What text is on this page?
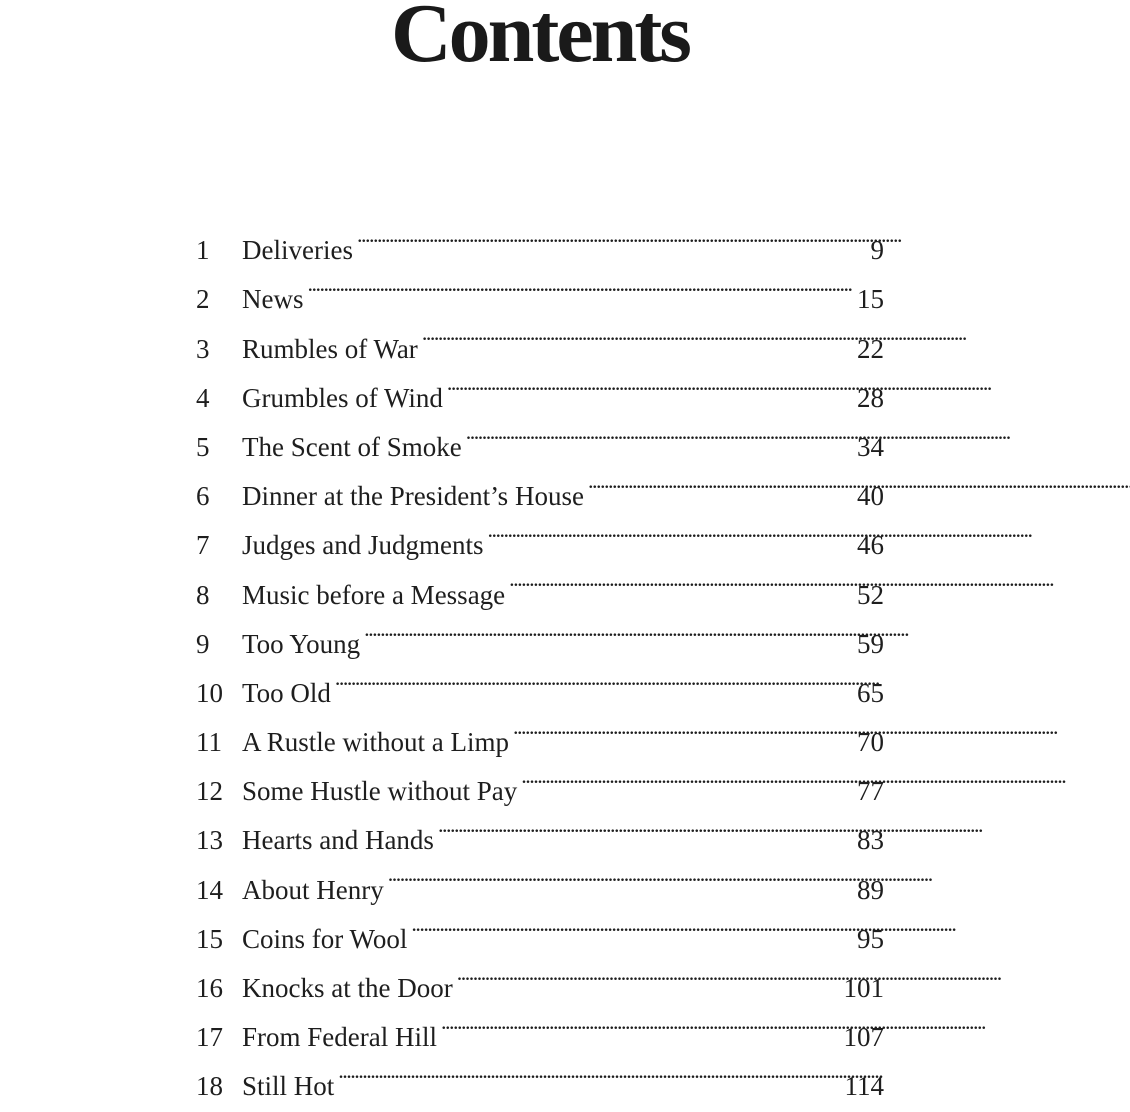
Contents
1	Deliveries . . .	9
2	News . . .	15
3	Rumbles of War . . .	22
4	Grumbles of Wind . . .	28
5	The Scent of Smoke . . .	34
6	Dinner at the President’s House . . .	40
7	Judges and Judgments . . .	46
8	Music before a Message . . .	52
9	Too Young . . .	59
10 Too Old . . .	65
11 A Rustle without a Limp . . .	70
12 Some Hustle without Pay . . .	77
13 Hearts and Hands . . .	83
14 About Henry . . .	89
15 Coins for Wool . . .	95
16 Knocks at the Door . . .	101
17 From Federal Hill . . .	107
18 Still Hot . . .	114
